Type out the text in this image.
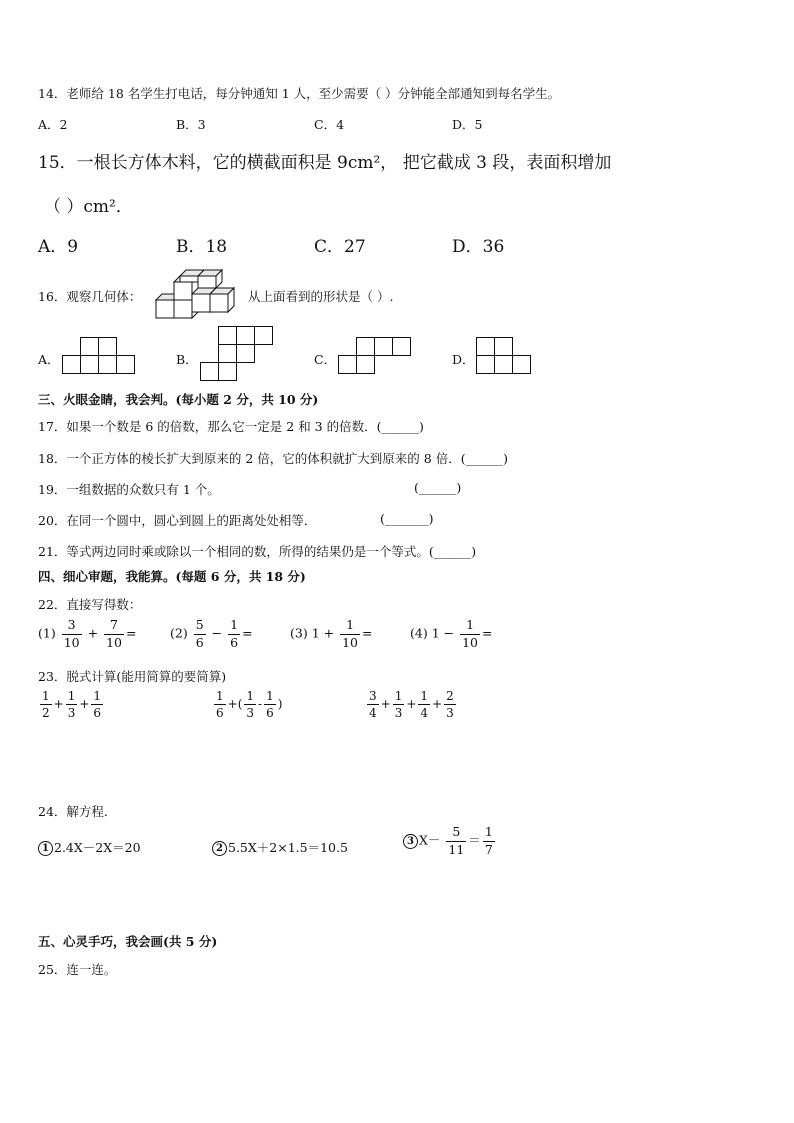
14．老师给 18 名学生打电话，每分钟通知 1 人，至少需要（ ）分钟能全部通知到每名学生。
A．2	B．3	C．4	D．5
15．一根长方体木料，它的横截面积是 9cm²， 把它截成 3 段，表面积增加
（ ）cm²．
A．9	B．18	C．27	D．36
16．观察几何体：	从上面看到的形状是（ ）.
A．	B．	C．	D．
三、火眼金睛，我会判。(每小题 2 分，共 10 分)
17．如果一个数是 6 的倍数，那么它一定是 2 和 3 的倍数．(______)
18．一个正方体的棱长扩大到原来的 2 倍，它的体积就扩大到原来的 8 倍．(______)
19．一组数据的众数只有 1 个。	(______)
20．在同一个圆中，圆心到圆上的距离处处相等．	(_______)
21．等式两边同时乘或除以一个相同的数，所得的结果仍是一个等式。(______)
四、细心审题，我能算。(每题 6 分，共 18 分)
22．直接写得数：
$(1) \frac{3}{10} + \frac{7}{10}$ =	$(2) \frac{5}{6} - \frac{1}{6}$ =	(3) $1 + \frac{1}{10}$ =	(4) $1 - \frac{1}{10}$ =
23．脱式计算(能用简算的要简算)
$\frac{1}{2} + \frac{1}{3} + \frac{1}{6}$	$\frac{1}{6}$ +( $\frac{1}{3} - \frac{1}{6}$ )	$\frac{3}{4} + \frac{1}{3} + \frac{1}{4} + \frac{2}{3}$
24．解方程．
1 2.4X－2X＝20	2 5.5X＋2×1.5＝10.5	3 $X- \frac{5}{11} = \frac{1}{7}$
五、心灵手巧，我会画(共 5 分)
25．连一连。
